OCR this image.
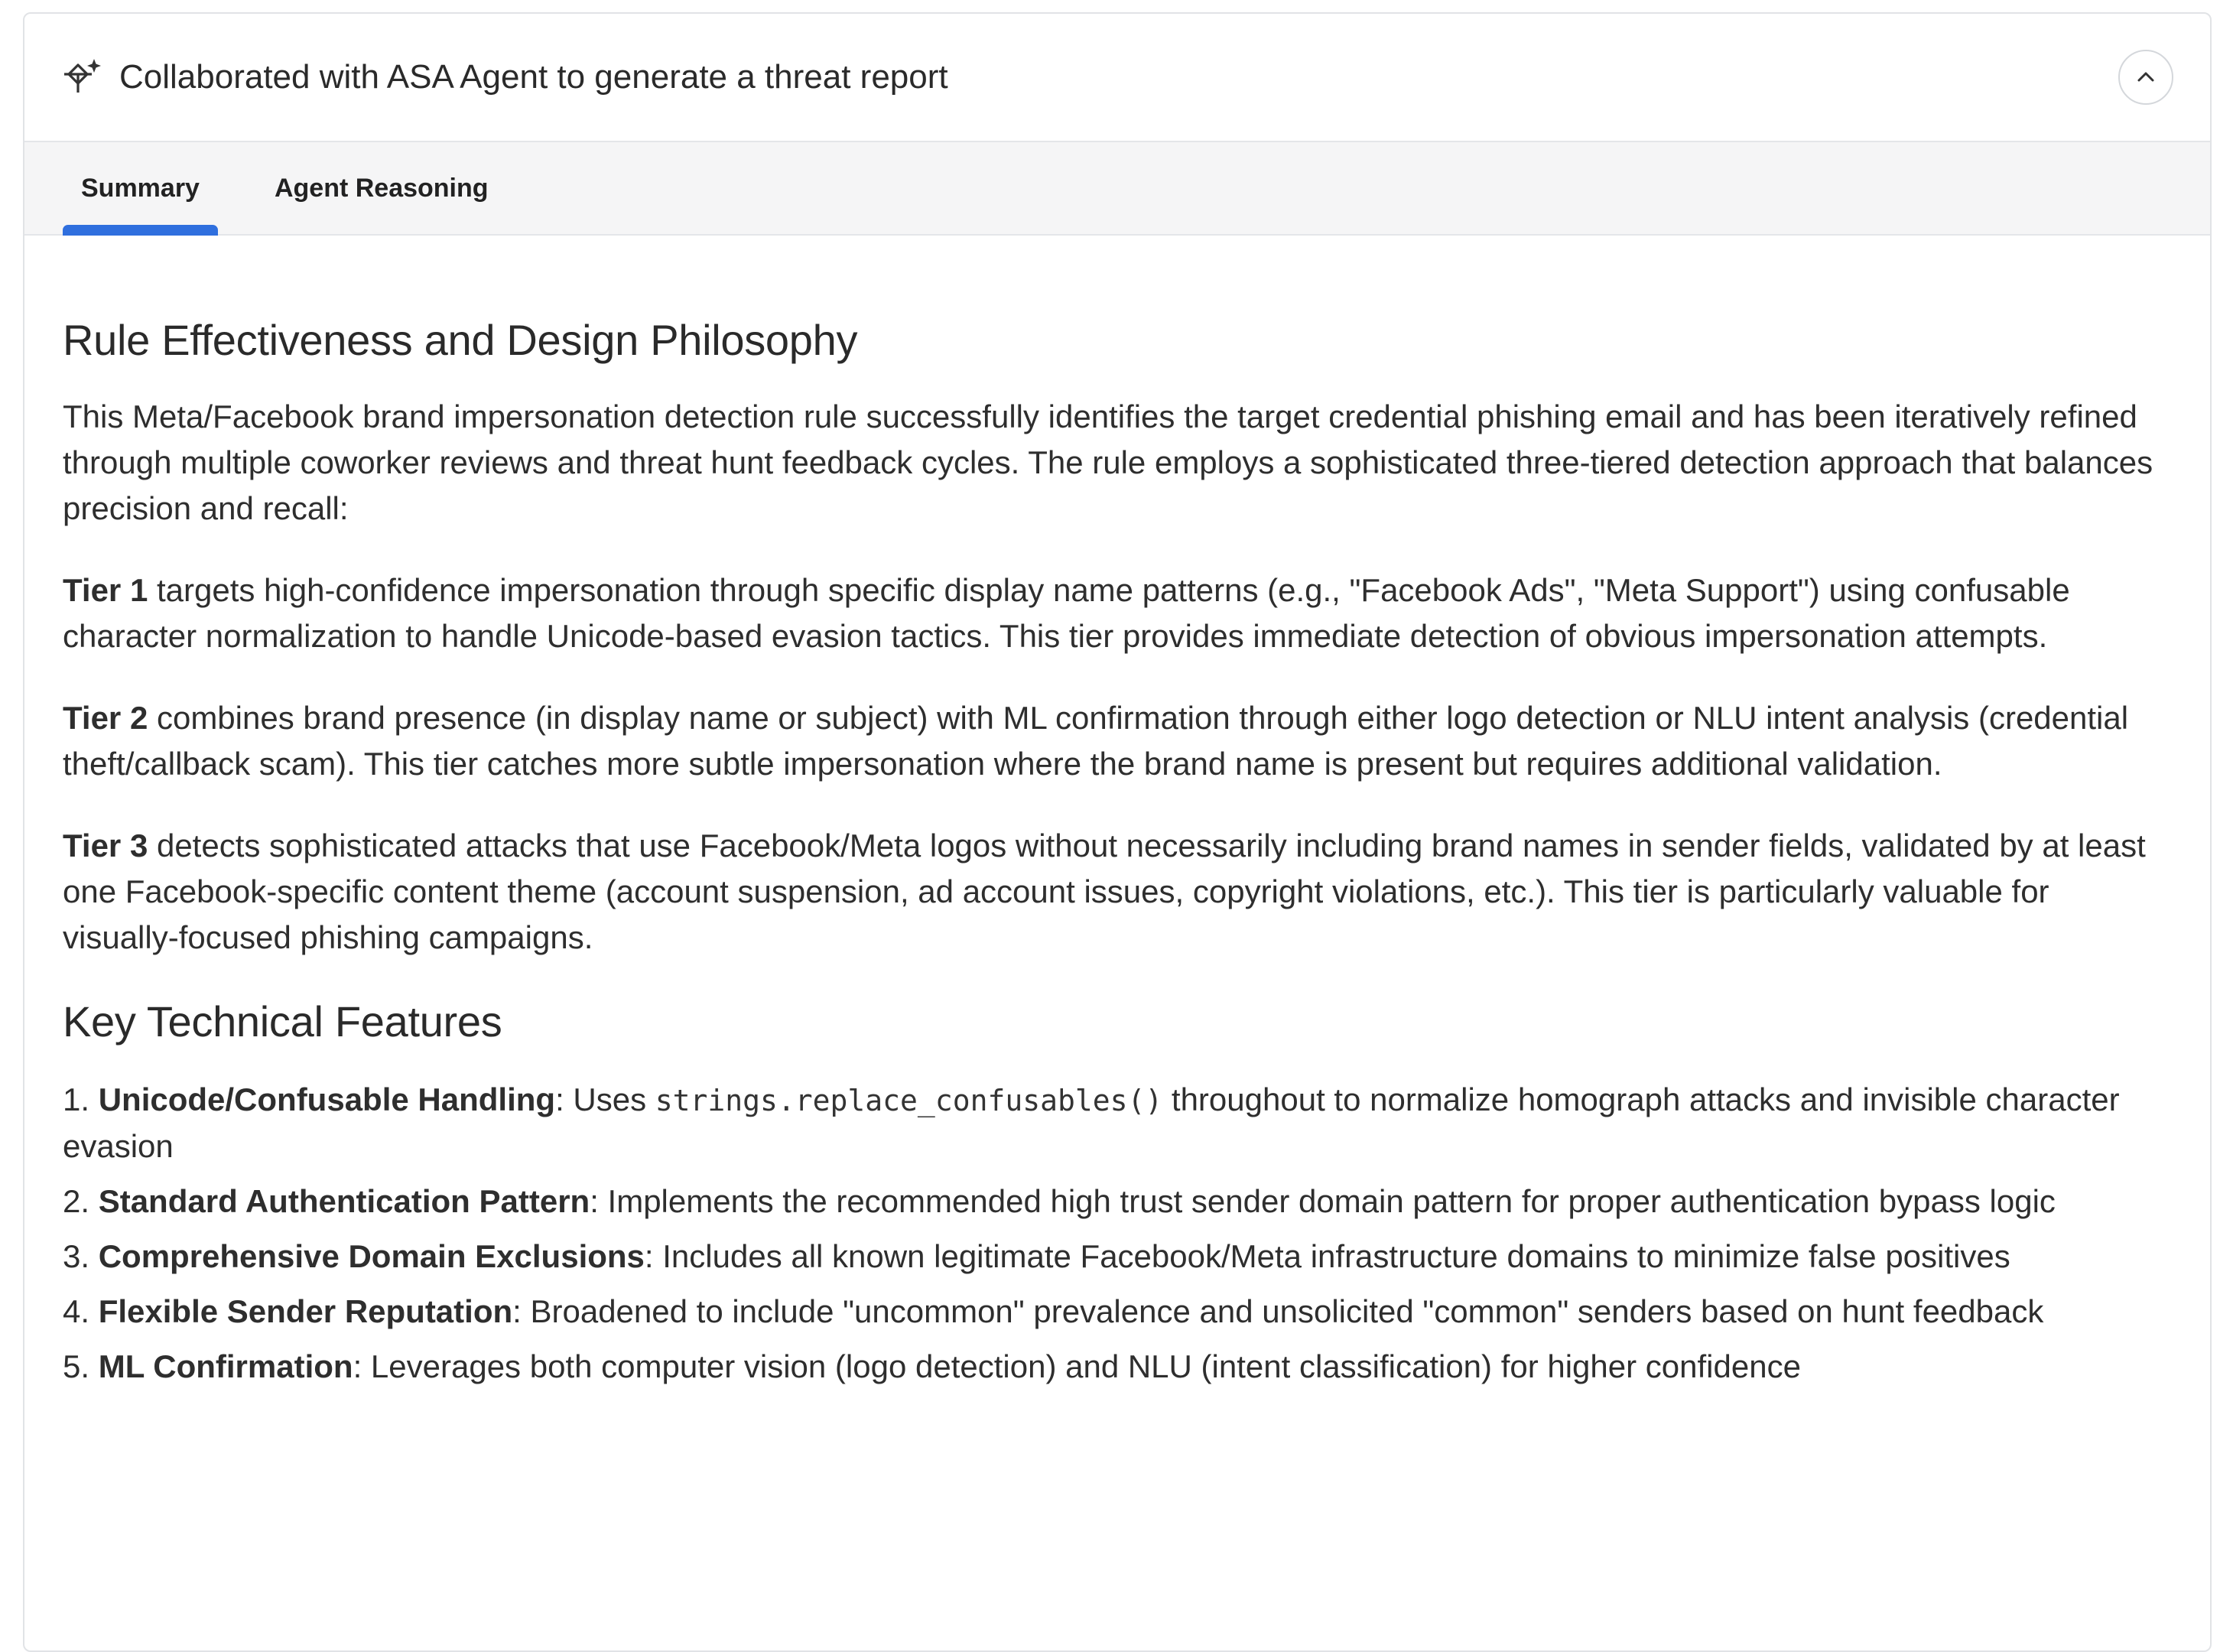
Collaborated with ASA Agent to generate a threat report
Summary	Agent Reasoning
Rule Effectiveness and Design Philosophy

This Meta/Facebook brand impersonation detection rule successfully identifies the target credential phishing email and has been iteratively refined through multiple coworker reviews and threat hunt feedback cycles. The rule employs a sophisticated three-tiered detection approach that balances precision and recall:

Tier 1 targets high-confidence impersonation through specific display name patterns (e.g., "Facebook Ads", "Meta Support") using confusable character normalization to handle Unicode-based evasion tactics. This tier provides immediate detection of obvious impersonation attempts.

Tier 2 combines brand presence (in display name or subject) with ML confirmation through either logo detection or NLU intent analysis (credential theft/callback scam). This tier catches more subtle impersonation where the brand name is present but requires additional validation.

Tier 3 detects sophisticated attacks that use Facebook/Meta logos without necessarily including brand names in sender fields, validated by at least one Facebook-specific content theme (account suspension, ad account issues, copyright violations, etc.). This tier is particularly valuable for visually-focused phishing campaigns.

Key Technical Features
1. Unicode/Confusable Handling: Uses strings.replace_confusables() throughout to normalize homograph attacks and invisible character evasion
2. Standard Authentication Pattern: Implements the recommended high trust sender domain pattern for proper authentication bypass logic
3. Comprehensive Domain Exclusions: Includes all known legitimate Facebook/Meta infrastructure domains to minimize false positives
4. Flexible Sender Reputation: Broadened to include "uncommon" prevalence and unsolicited "common" senders based on hunt feedback
5. ML Confirmation: Leverages both computer vision (logo detection) and NLU (intent classification) for higher confidence
